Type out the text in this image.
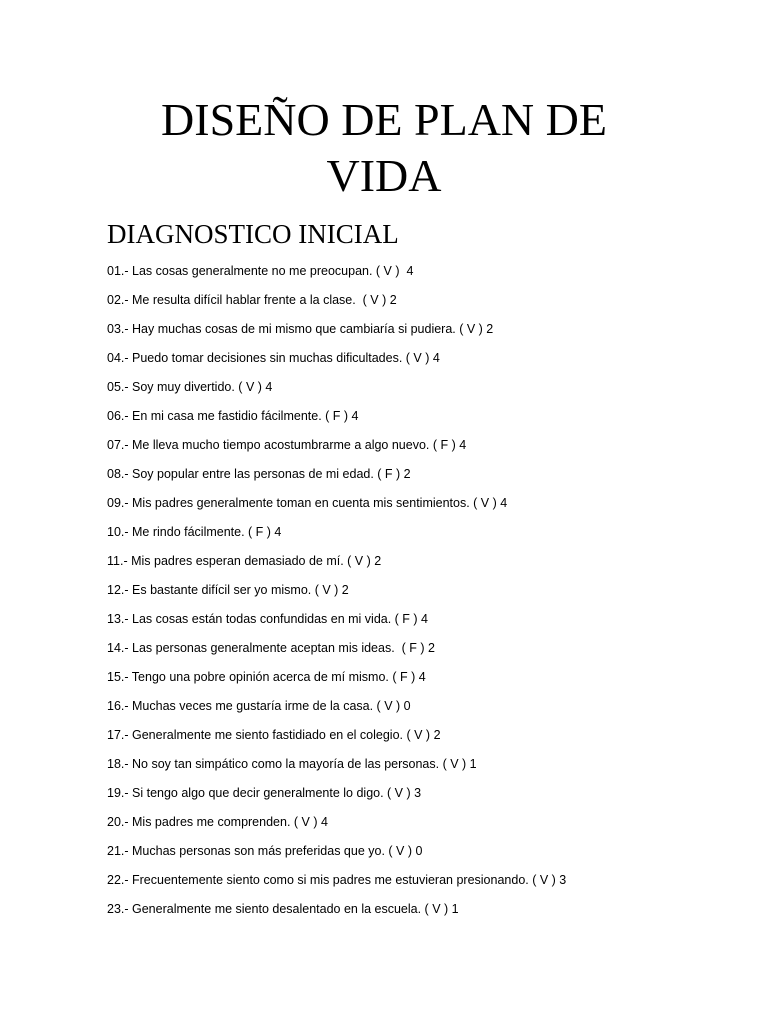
DISEÑO DE PLAN DE
VIDA
DIAGNOSTICO INICIAL
01.- Las cosas generalmente no me preocupan. ( V )  4
02.- Me resulta difícil hablar frente a la clase.  ( V ) 2
03.- Hay muchas cosas de mi mismo que cambiaría si pudiera. ( V ) 2
04.- Puedo tomar decisiones sin muchas dificultades. ( V ) 4
05.- Soy muy divertido. ( V ) 4
06.- En mi casa me fastidio fácilmente. ( F ) 4
07.- Me lleva mucho tiempo acostumbrarme a algo nuevo. ( F ) 4
08.- Soy popular entre las personas de mi edad. ( F ) 2
09.- Mis padres generalmente toman en cuenta mis sentimientos. ( V ) 4
10.- Me rindo fácilmente. ( F ) 4
11.- Mis padres esperan demasiado de mí. ( V ) 2
12.- Es bastante difícil ser yo mismo. ( V ) 2
13.- Las cosas están todas confundidas en mi vida. ( F ) 4
14.- Las personas generalmente aceptan mis ideas.  ( F ) 2
15.- Tengo una pobre opinión acerca de mí mismo. ( F ) 4
16.- Muchas veces me gustaría irme de la casa. ( V ) 0
17.- Generalmente me siento fastidiado en el colegio. ( V ) 2
18.- No soy tan simpático como la mayoría de las personas. ( V ) 1
19.- Si tengo algo que decir generalmente lo digo. ( V ) 3
20.- Mis padres me comprenden. ( V ) 4
21.- Muchas personas son más preferidas que yo. ( V ) 0
22.- Frecuentemente siento como si mis padres me estuvieran presionando. ( V ) 3
23.- Generalmente me siento desalentado en la escuela. ( V ) 1
